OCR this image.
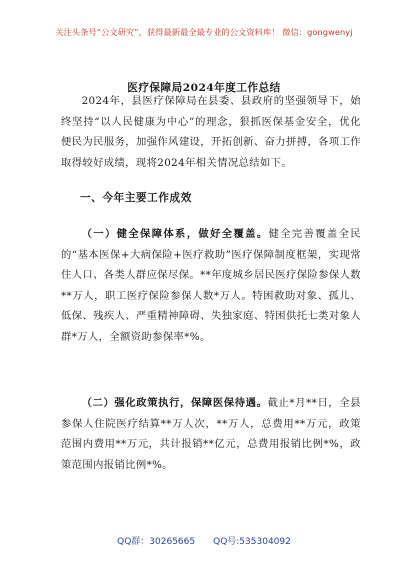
关注头条号“公文研究”，获得最新最全最专业的公文资料库！ 微信：gongwenyj
医疗保障局2024年度工作总结

2024年，县医疗保障局在县委、县政府的坚强领导下，始终坚持“以人民健康为中心”的理念，狠抓医保基金安全，优化便民为民服务，加强作风建设，开拓创新、奋力拼搏，各项工作取得较好成绩，现将2024年相关情况总结如下。

一、今年主要工作成效

（一）健全保障体系，做好全覆盖。健全完善覆盖全民的“基本医保+大病保险+医疗救助”医疗保障制度框架，实现常住人口、各类人群应保尽保。**年度城乡居民医疗保险参保人数**万人，职工医疗保险参保人数*万人。特困救助对象、孤儿、低保、残疾人、严重精神障碍、失独家庭、特困供托七类对象人群*万人，全额资助参保率*%。

（二）强化政策执行，保障医保待遇。截止*月**日，全县参保人住院医疗结算**万人次，**万人，总费用**万元，政策范围内费用**万元，共计报销**亿元，总费用报销比例*%，政策范围内报销比例*%。

QQ群：30265665 QQ号:535304092
